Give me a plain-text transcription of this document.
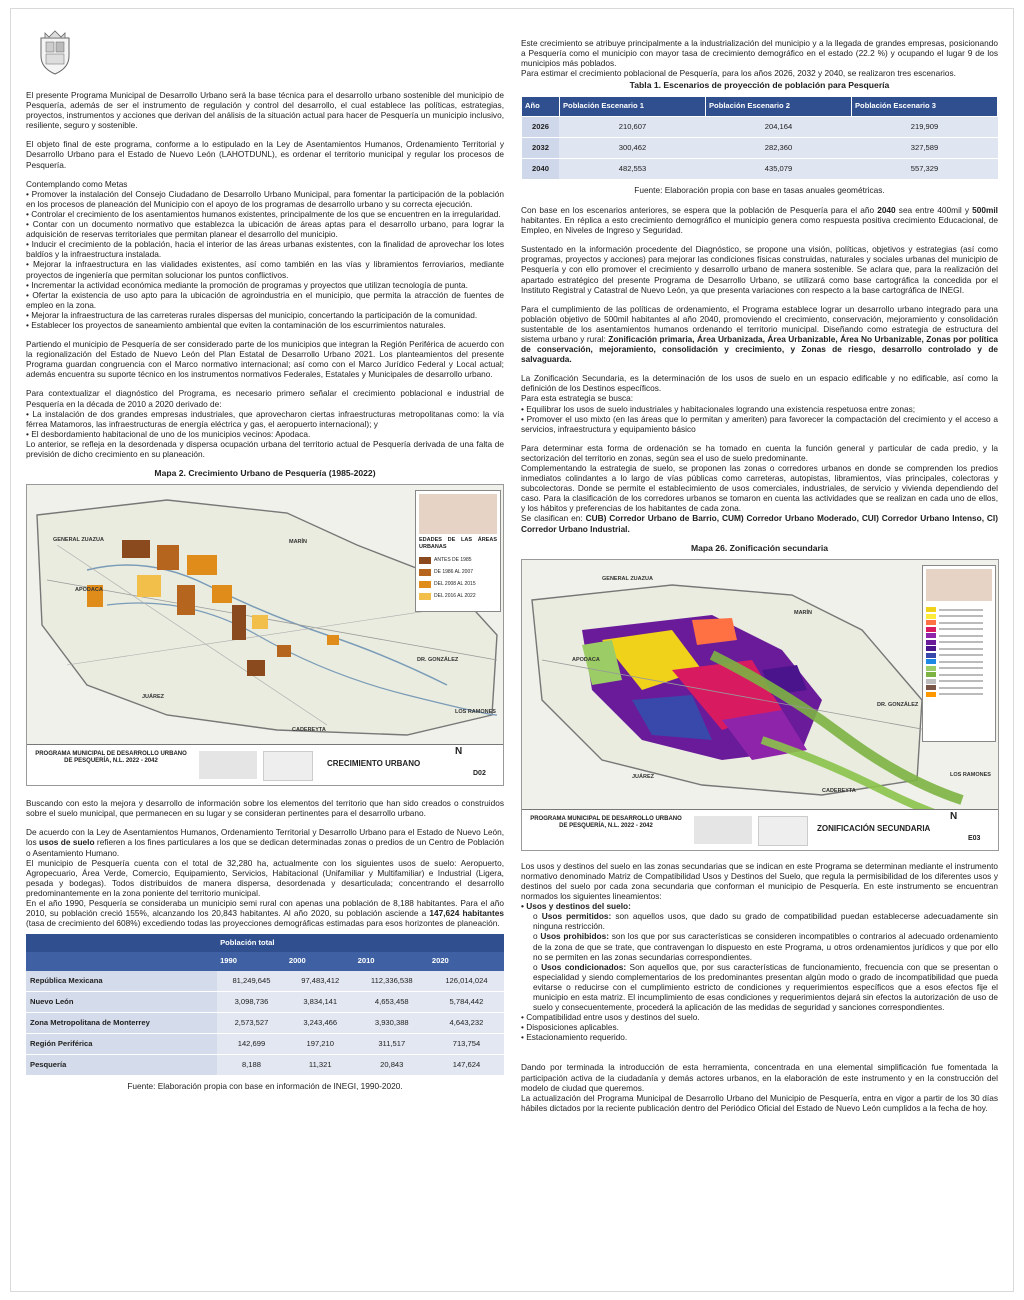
El presente Programa Municipal de Desarrollo Urbano será la base técnica para el desarrollo urbano sostenible del municipio de Pesquería, además de ser el instrumento de regulación y control del desarrollo, el cual establece las políticas, estrategias, proyectos, instrumentos y acciones que derivan del análisis de la situación actual para hacer de Pesquería un municipio inclusivo, resiliente, seguro y sostenible.

El objeto final de este programa, conforme a lo estipulado en la Ley de Asentamientos Humanos, Ordenamiento Territorial y Desarrollo Urbano para el Estado de Nuevo León (LAHOTDUNL), es ordenar el territorio municipal y regular los procesos de Pesquería.

Contemplando como Metas

• Promover la instalación del Consejo Ciudadano de Desarrollo Urbano Municipal, para fomentar la participación de la población en los procesos de planeación del Municipio con el apoyo de los programas de desarrollo urbano y su correcta ejecución.
• Controlar el crecimiento de los asentamientos humanos existentes, principalmente de los que se encuentren en la irregularidad.
• Contar con un documento normativo que establezca la ubicación de áreas aptas para el desarrollo urbano, para lograr la adquisición de reservas territoriales que permitan planear el desarrollo del municipio.
• Inducir el crecimiento de la población, hacia el interior de las áreas urbanas existentes, con la finalidad de aprovechar los lotes baldíos y la infraestructura instalada.
• Mejorar la infraestructura en las vialidades existentes, así como también en las vías y libramientos ferroviarios, mediante proyectos de ingeniería que permitan solucionar los puntos conflictivos.
• Incrementar la actividad económica mediante la promoción de programas y proyectos que utilizan tecnología de punta.
• Ofertar la existencia de uso apto para la ubicación de agroindustria en el municipio, que permita la atracción de fuentes de empleo en la zona.
• Mejorar la infraestructura de las carreteras rurales dispersas del municipio, concertando la participación de la comunidad.
• Establecer los proyectos de saneamiento ambiental que eviten la contaminación de los escurrimientos naturales.

Partiendo el municipio de Pesquería de ser considerado parte de los municipios que integran la Región Periférica de acuerdo con la regionalización del Estado de Nuevo León del Plan Estatal de Desarrollo Urbano 2021. Los planteamientos del presente Programa guardan congruencia con el Marco normativo internacional; así como con el Marco Jurídico Federal y Local actual; además encuentra su suporte técnico en los instrumentos normativos Federales, Estatales y Municipales de desarrollo urbano.

Para contextualizar el diagnóstico del Programa, es necesario primero señalar el crecimiento poblacional e industrial de Pesquería en la década de 2010 a 2020 derivado de:

• La instalación de dos grandes empresas industriales, que aprovecharon ciertas infraestructuras metropolitanas como: la vía férrea Matamoros, las infraestructuras de energía eléctrica y gas, el aeropuerto internacional); y
• El desbordamiento habitacional de uno de los municipios vecinos: Apodaca.

Lo anterior, se refleja en la desordenada y dispersa ocupación urbana del territorio actual de Pesquería derivada de una falta de previsión de dicho crecimiento en su planeación.

Mapa 2. Crecimiento Urbano de Pesquería (1985-2022)
GENERAL ZUAZUA	MARÍN
APODACA
DR. GONZÁLEZ
JUÁREZ
CADEREYTA
LOS RAMONES
EDADES DE LAS ÁREAS URBANAS
ANTES DE 1985
DE 1986 AL 2007
DEL 2008 AL 2015
DEL 2016 AL 2022
PROGRAMA MUNICIPAL DE DESARROLLO URBANO DE PESQUERÍA, N.L. 2022 - 2042	CRECIMIENTO URBANO
N
D02

Buscando con esto la mejora y desarrollo de información sobre los elementos del territorio que han sido creados o construidos sobre el suelo municipal, que permanecen en su lugar y se consideran pertinentes para el desarrollo urbano.

De acuerdo con la Ley de Asentamientos Humanos, Ordenamiento Territorial y Desarrollo Urbano para el Estado de Nuevo León, los usos de suelo refieren a los fines particulares a los que se dedican determinadas zonas o predios de un Centro de Población o Asentamiento Humano.

El municipio de Pesquería cuenta con el total de 32,280 ha, actualmente con los siguientes usos de suelo: Aeropuerto, Agropecuario, Área Verde, Comercio, Equipamiento, Servicios, Habitacional (Unifamiliar y Multifamiliar) e Industrial (Ligera, pesada y bodegas). Todos distribuidos de manera dispersa, desordenada y desarticulada; concentrando el desarrollo predominantemente en la zona poniente del territorio municipal.

En el año 1990, Pesquería se consideraba un municipio semi rural con apenas una población de 8,188 habitantes. Para el año 2010, su población creció 155%, alcanzando los 20,843 habitantes. Al año 2020, su población asciende a 147,624 habitantes (tasa de crecimiento del 608%) excediendo todas las proyecciones demográficas estimadas para esos horizontes de planeación.

	Población total			
	1990	2000	2010	2020
República Mexicana	81,249,645	97,483,412	112,336,538	126,014,024
Nuevo León	3,098,736	3,834,141	4,653,458	5,784,442
Zona Metropolitana de Monterrey	2,573,527	3,243,466	3,930,388	4,643,232
Región Periférica	142,699	197,210	311,517	713,754
Pesquería	8,188	11,321	20,843	147,624
Fuente: Elaboración propia con base en información de INEGI, 1990-2020.

Este crecimiento se atribuye principalmente a la industrialización del municipio y a la llegada de grandes empresas, posicionando a Pesquería como el municipio con mayor tasa de crecimiento demográfico en el estado (22.2 %) y ocupando el lugar 9 de los municipios más poblados.

Para estimar el crecimiento poblacional de Pesquería, para los años 2026, 2032 y 2040, se realizaron tres escenarios.

Tabla 1. Escenarios de proyección de población para Pesquería
Año	Población Escenario 1	Población Escenario 2	Población Escenario 3
2026	210,607	204,164	219,909
2032	300,462	282,360	327,589
2040	482,553	435,079	557,329
Fuente: Elaboración propia con base en tasas anuales geométricas.

Con base en los escenarios anteriores, se espera que la población de Pesquería para el año 2040 sea entre 400mil y 500mil habitantes. En réplica a esto crecimiento demográfico el municipio genera como respuesta positiva crecimiento Educacional, de Empleo, en Niveles de Ingreso y Seguridad.

Sustentado en la información procedente del Diagnóstico, se propone una visión, políticas, objetivos y estrategias (así como programas, proyectos y acciones) para mejorar las condiciones físicas construidas, naturales y sociales urbanas del municipio de Pesquería y con ello promover el crecimiento y desarrollo urbano de manera sostenible. Se aclara que, para la realización del apartado estratégico del presente Programa de Desarrollo Urbano, se utilizará como base cartográfica la concedida por el Instituto Registral y Catastral de Nuevo León, ya que presenta variaciones con respecto a la base cartográfica de INEGI.

Para el cumplimiento de las políticas de ordenamiento, el Programa establece lograr un desarrollo urbano integrado para una población objetivo de 500mil habitantes al año 2040, promoviendo el crecimiento, conservación, mejoramiento y consolidación sustentable de los asentamientos humanos ordenando el territorio municipal. Diseñando como estrategia de estructura del sistema urbano y rural: Zonificación primaria, Área Urbanizada, Área Urbanizable, Área No Urbanizable, Zonas por política de conservación, mejoramiento, consolidación y crecimiento, y Zonas de riesgo, desarrollo controlado y de salvaguarda.

La Zonificación Secundaria, es la determinación de los usos de suelo en un espacio edificable y no edificable, así como la definición de los Destinos específicos.

Para esta estrategia se busca:

• Equilibrar los usos de suelo industriales y habitacionales logrando una existencia respetuosa entre zonas;
• Promover el uso mixto (en las áreas que lo permitan y ameriten) para favorecer la compactación del crecimiento y el acceso a servicios, infraestructura y equipamiento básico

Para determinar esta forma de ordenación se ha tomado en cuenta la función general y particular de cada predio, y la sectorización del territorio en zonas, según sea el uso de suelo predominante.

Complementando la estrategia de suelo, se proponen las zonas o corredores urbanos en donde se comprenden los predios inmediatos colindantes a lo largo de vías públicas como carreteras, autopistas, libramientos, vías principales, colectoras y subcolectoras. Donde se permite el establecimiento de usos comerciales, industriales, de servicio y vivienda dependiendo del caso. Para la clasificación de los corredores urbanos se tomaron en cuenta las actividades que se realizan en cada uno de ellos, y los hábitos y preferencias de los habitantes de cada zona.

Se clasifican en: CUB) Corredor Urbano de Barrio, CUM) Corredor Urbano Moderado, CUI) Corredor Urbano Intenso, CI) Corredor Urbano Industrial.

Mapa 26. Zonificación secundaria
GENERAL ZUAZUA
MARÍN
APODACA
DR. GONZÁLEZ
JUÁREZ
CADEREYTA
LOS RAMONES
PROGRAMA MUNICIPAL DE DESARROLLO URBANO DE PESQUERÍA, N.L. 2022 - 2042	ZONIFICACIÓN SECUNDARIA
N
E03

Los usos y destinos del suelo en las zonas secundarias que se indican en este Programa se determinan mediante el instrumento normativo denominado Matriz de Compatibilidad Usos y Destinos del Suelo, que regula la permisibilidad de los diferentes usos y destinos del suelo por cada zona secundaria que conforman el municipio de Pesquería. En este instrumento se encuentran normados los siguientes lineamientos:

• Usos y destinos del suelo:
o Usos permitidos: son aquellos usos, que dado su grado de compatibilidad puedan establecerse adecuadamente sin ninguna restricción.
o Usos prohibidos: son los que por sus características se consideren incompatibles o contrarios al adecuado ordenamiento de la zona de que se trate, que contravengan lo dispuesto en este Programa, u otros ordenamientos jurídicos y que por ello no se permiten en las zonas secundarias correspondientes.
o Usos condicionados: Son aquellos que, por sus características de funcionamiento, frecuencia con que se presentan o especialidad y siendo complementarios de los predominantes presentan algún modo o grado de incompatibilidad que pueda evitarse o reducirse con el cumplimiento estricto de condiciones y requerimientos específicos que a esos efectos fije el municipio en esta matriz. El incumplimiento de esas condiciones y requerimientos dejará sin efectos la autorización de uso de suelo y consecuentemente, procederá la aplicación de las medidas de seguridad y sanciones correspondientes.
• Compatibilidad entre usos y destinos del suelo.
• Disposiciones aplicables.
• Estacionamiento requerido.

Dando por terminada la introducción de esta herramienta, concentrada en una elemental simplificación fue fomentada la participación activa de la ciudadanía y demás actores urbanos, en la elaboración de este instrumento y en la construcción del modelo de ciudad que queremos.

La actualización del Programa Municipal de Desarrollo Urbano del Municipio de Pesquería, entra en vigor a partir de los 30 días hábiles dictados por la reciente publicación dentro del Periódico Oficial del Estado de Nuevo León cumplidos a la fecha de hoy.
